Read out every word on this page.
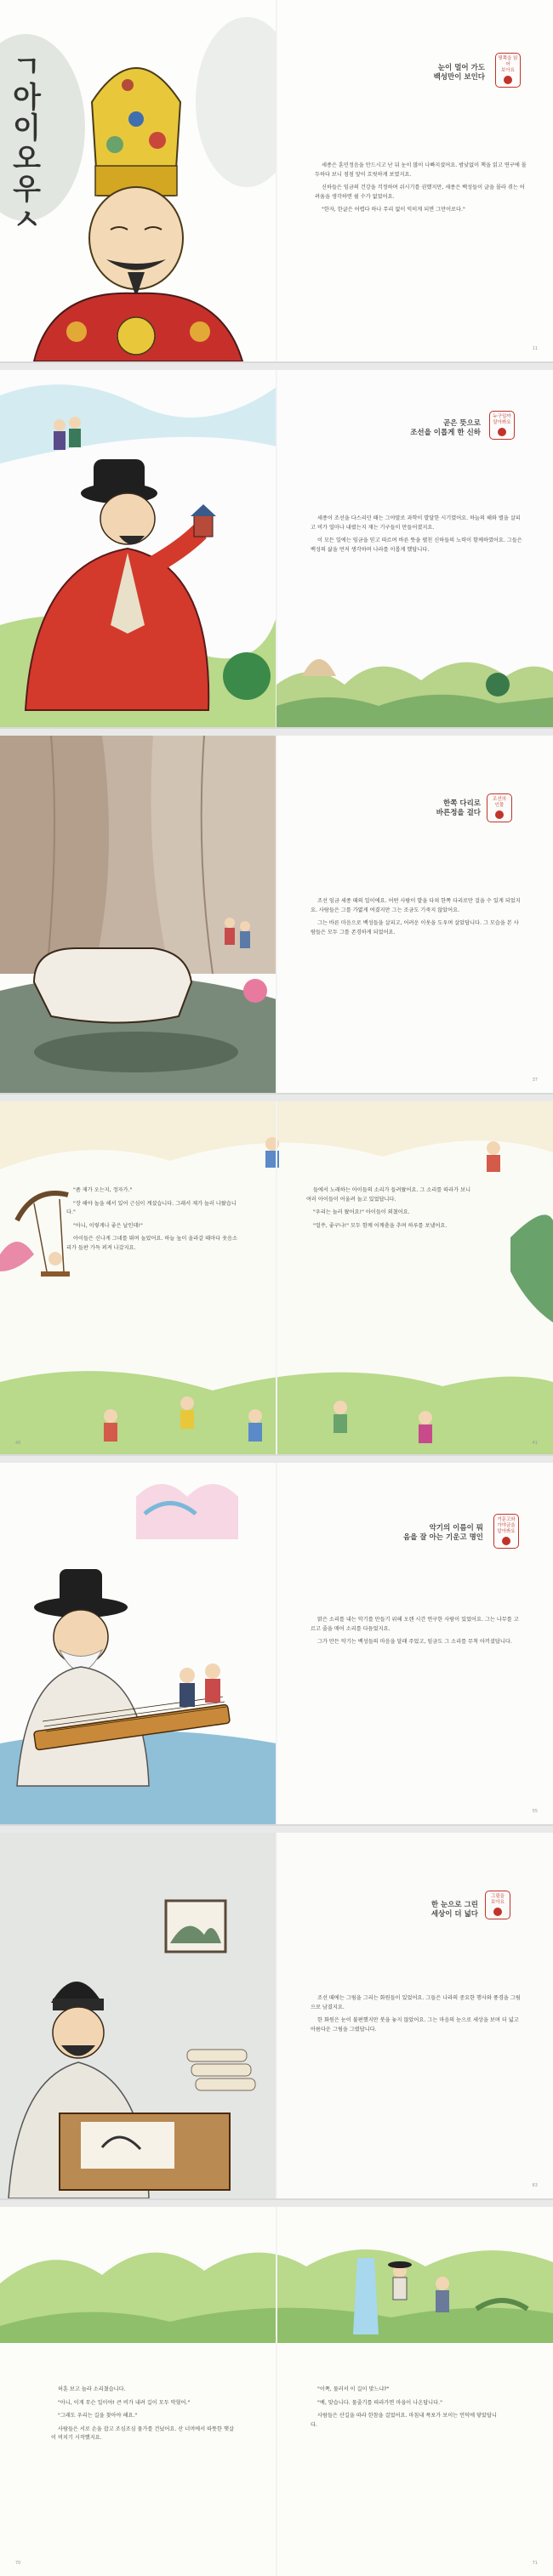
ㄱ아이오우ㅅ	눈이 멀어 가도
백성만이 보인다
뒷쪽을 읽어
보아요

세종은 훈민정음을 만드시고 난 뒤 눈이 많이 나빠지셨어요. 밤낮없이 책을 읽고 연구에 몰두하다 보니 점점 앞이 흐릿하게 보였지요.

신하들은 임금의 건강을 걱정하며 쉬시기를 권했지만, 세종은 백성들이 글을 몰라 겪는 어려움을 생각하면 쉴 수가 없었어요.

"한자, 한글은 어렵다 하나 무리 없이 익히게 되면 그만이로다."

11
곧은 뜻으로
조선을 이롭게 한 신하
누구일까
알아봐요

세종이 조선을 다스리던 때는 그야말로 과학이 발달한 시기였어요. 하늘의 해와 별을 살피고 비가 얼마나 내렸는지 재는 기구들이 만들어졌지요.

이 모든 일에는 임금을 믿고 따르며 바른 뜻을 펼친 신하들의 노력이 함께하였어요. 그들은 백성의 삶을 먼저 생각하며 나라를 이롭게 했답니다.

25
한쪽 다리로
바른정을 걸다
조선의
인물

조선 임금 세종 때의 일이에요. 어떤 사람이 발을 다쳐 한쪽 다리로만 걸을 수 있게 되었지요. 사람들은 그를 가엾게 여겼지만 그는 조금도 기죽지 않았어요.

그는 바른 마음으로 백성들을 살피고, 어려운 이웃을 도우며 살았답니다. 그 모습을 본 사람들은 모두 그를 존경하게 되었어요.

37

"좀 재가 오는지, 정자가."

"장 해야 놀을 해서 있어 근심이 계셨습니다. 그래서 제가 놀러 나왔습니다."

"아니, 이렇게나 좋은 날인데!"

아이들은 신나게 그네를 뛰며 놀았어요. 하늘 높이 올라갈 때마다 웃음소리가 들판 가득 퍼져 나갔지요.

들에서 노래하는 아이들의 소리가 들려왔어요. 그 소리를 따라가 보니 여러 아이들이 어울려 놀고 있었답니다.

"우리는 놀러 왔어요!" 아이들이 외쳤어요.

"얼쑤, 좋구나!" 모두 함께 어깨춤을 추며 하루를 보냈어요.

40	41
악기의 이름이 뭐
음을 잘 아는 기운고 명인
거문고와
가야금을
알아봐요

맑은 소리를 내는 악기를 만들기 위해 오랜 시간 연구한 사람이 있었어요. 그는 나무를 고르고 줄을 매어 소리를 다듬었지요.

그가 만든 악기는 백성들의 마음을 달래 주었고, 임금도 그 소리를 무척 아끼셨답니다.

55
한 눈으로 그린
세상이 더 넓다
그림을
보아요

조선 때에는 그림을 그리는 화원들이 있었어요. 그들은 나라의 중요한 행사와 풍경을 그림으로 남겼지요.

한 화원은 눈이 불편했지만 붓을 놓지 않았어요. 그는 마음의 눈으로 세상을 보며 더 넓고 아름다운 그림을 그렸답니다.

63

허훈 보고 놀라 소리쳤습니다.

"아니, 이게 무슨 일이야! 큰 비가 내려 길이 모두 막혔어."

"그래도 우리는 길을 찾아야 해요."

사람들은 서로 손을 잡고 조심조심 물가를 건넜어요. 산 너머에서 따뜻한 햇살이 비치기 시작했지요.

"이쪽, 물러서 이 길이 맞느냐?"

"예, 맞습니다. 물줄기를 따라가면 마을이 나온답니다."

사람들은 산길을 따라 한참을 걸었어요. 마침내 폭포가 보이는 언덕에 닿았답니다.

70	71
